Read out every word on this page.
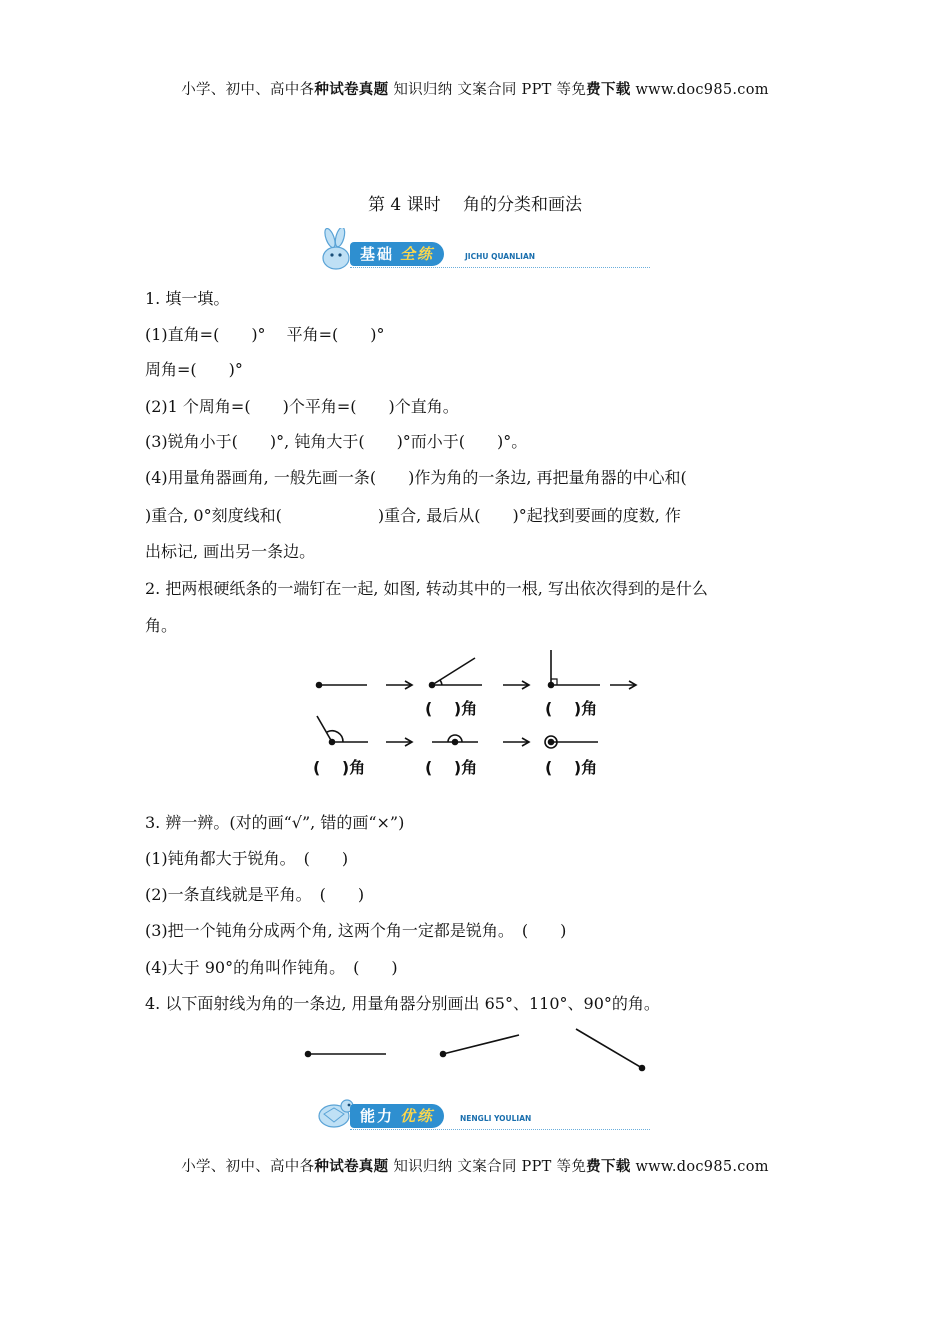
小学、初中、高中各种试卷真题 知识归纳 文案合同 PPT 等免费下载 www.doc985.com
第 4 课时　 角的分类和画法
基础 全练	JICHU QUANLIAN
1. 填一填。
(1)直角=(　　)°　 平角=(　　)°
周角=(　　)°
(2)1 个周角=(　　)个平角=(　　)个直角。
(3)锐角小于(　　)°, 钝角大于(　　)°而小于(　　)°。
(4)用量角器画角, 一般先画一条(　　)作为角的一条边, 再把量角器的中心和(
)重合, 0°刻度线和(　　　　　　)重合, 最后从(　　)°起找到要画的度数, 作
出标记, 画出另一条边。
2. 把两根硬纸条的一端钉在一起, 如图, 转动其中的一根, 写出依次得到的是什么
角。
(　 )角	(　 )角
(　 )角	(　 )角	(　 )角
3. 辨一辨。(对的画“√”, 错的画“×”)
(1)钝角都大于锐角。　(　　)
(2)一条直线就是平角。　(　　)
(3)把一个钝角分成两个角, 这两个角一定都是锐角。　(　　)
(4)大于 90°的角叫作钝角。　(　　)
4. 以下面射线为角的一条边, 用量角器分别画出 65°、110°、90°的角。
能力 优练	NENGLI YOULIAN
小学、初中、高中各种试卷真题 知识归纳 文案合同 PPT 等免费下载 www.doc985.com
